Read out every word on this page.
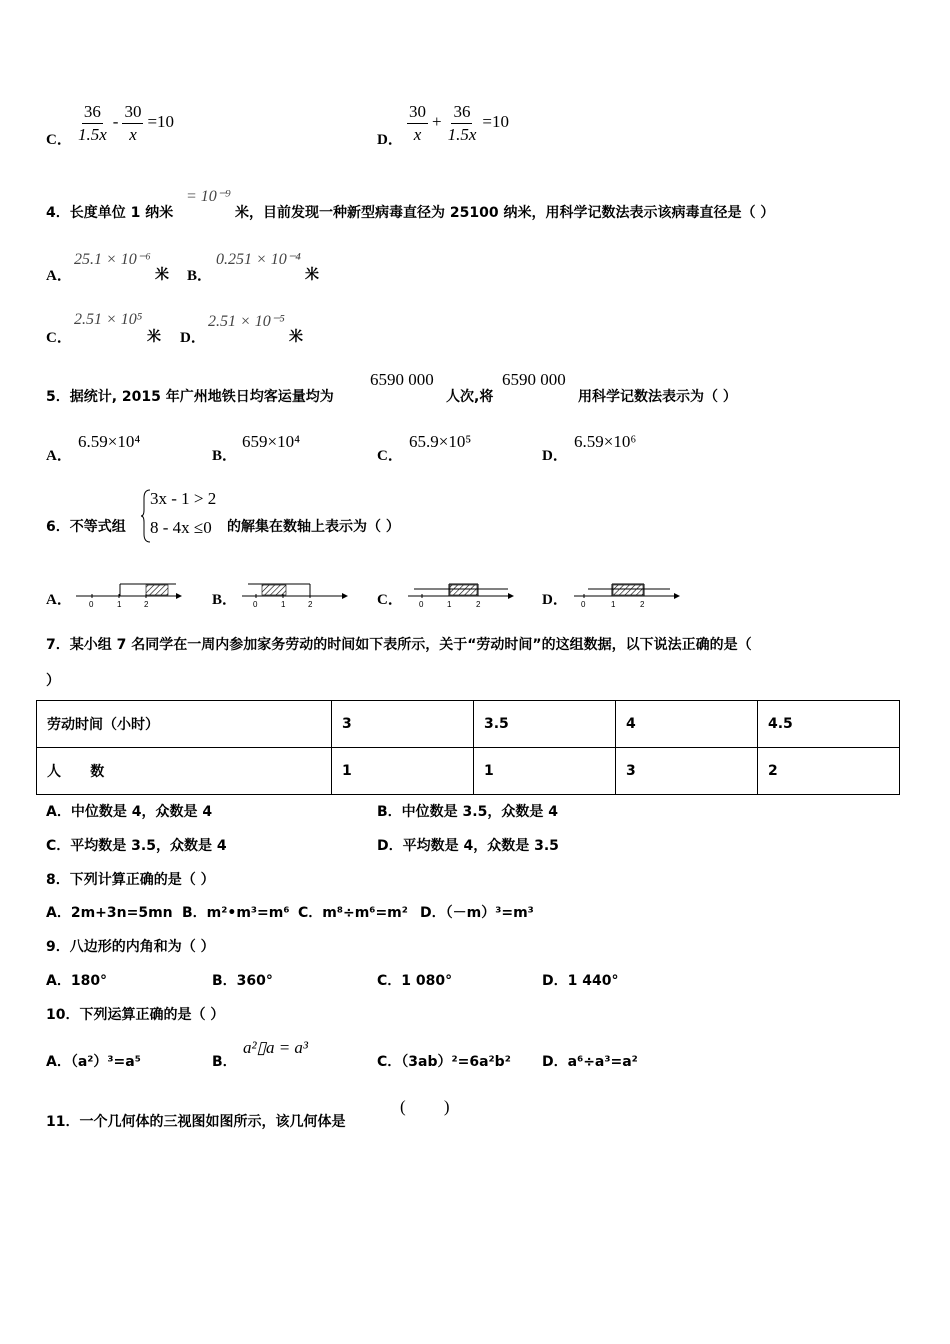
C． $\frac{36}{1.5x} - \frac{30}{x} =10$
D． $\frac{30}{x} + \frac{36}{1.5x} =10$
4．长度单位 1 纳米
= 10⁻⁹
米，目前发现一种新型病毒直径为 25100 纳米，用科学记数法表示该病毒直径是（ ）
A．
25.1 × 10⁻⁶
米 B．
0.251 × 10⁻⁴
米
C．
2.51 × 10⁵
米 D．
2.51 × 10⁻⁵
米
5．据统计, 2015 年广州地铁日均客运量均为
6590 000
人次,将
6590 000
用科学记数法表示为（ ）
A．
6.59×10⁴
B．
659×10⁴
C．
65.9×10⁵
D．
6.59×10⁶
6．不等式组
3x - 1 > 2
8 - 4x ≤0 的解集在数轴上表示为（ ）
A． 0	1	2	B． 0	1	2	C． 0	1	2	D． 0	1	2
7．某小组 7 名同学在一周内参加家务劳动的时间如下表所示，关于“劳动时间”的这组数据，以下说法正确的是（
）
劳动时间（小时）	3	3.5	4	4.5
人      数	1	1	3	2
A．中位数是 4，众数是 4	B．中位数是 3.5，众数是 4
C．平均数是 3.5，众数是 4	D．平均数是 4，众数是 3.5
8．下列计算正确的是（ ）
A．2m+3n=5mn B．m²•m³=m⁶ C．m⁸÷m⁶=m² D．（－m）³=m³
9．八边形的内角和为（ ）
A．180°	B．360°	C．1 080°	D．1 440°
10．下列运算正确的是（ ）
A．（a²）³=a⁵	B．
a²▯a = a³
C．（3ab）²=6a²b² D．a⁶÷a³=a²
11．一个几何体的三视图如图所示，该几何体是
(         )
